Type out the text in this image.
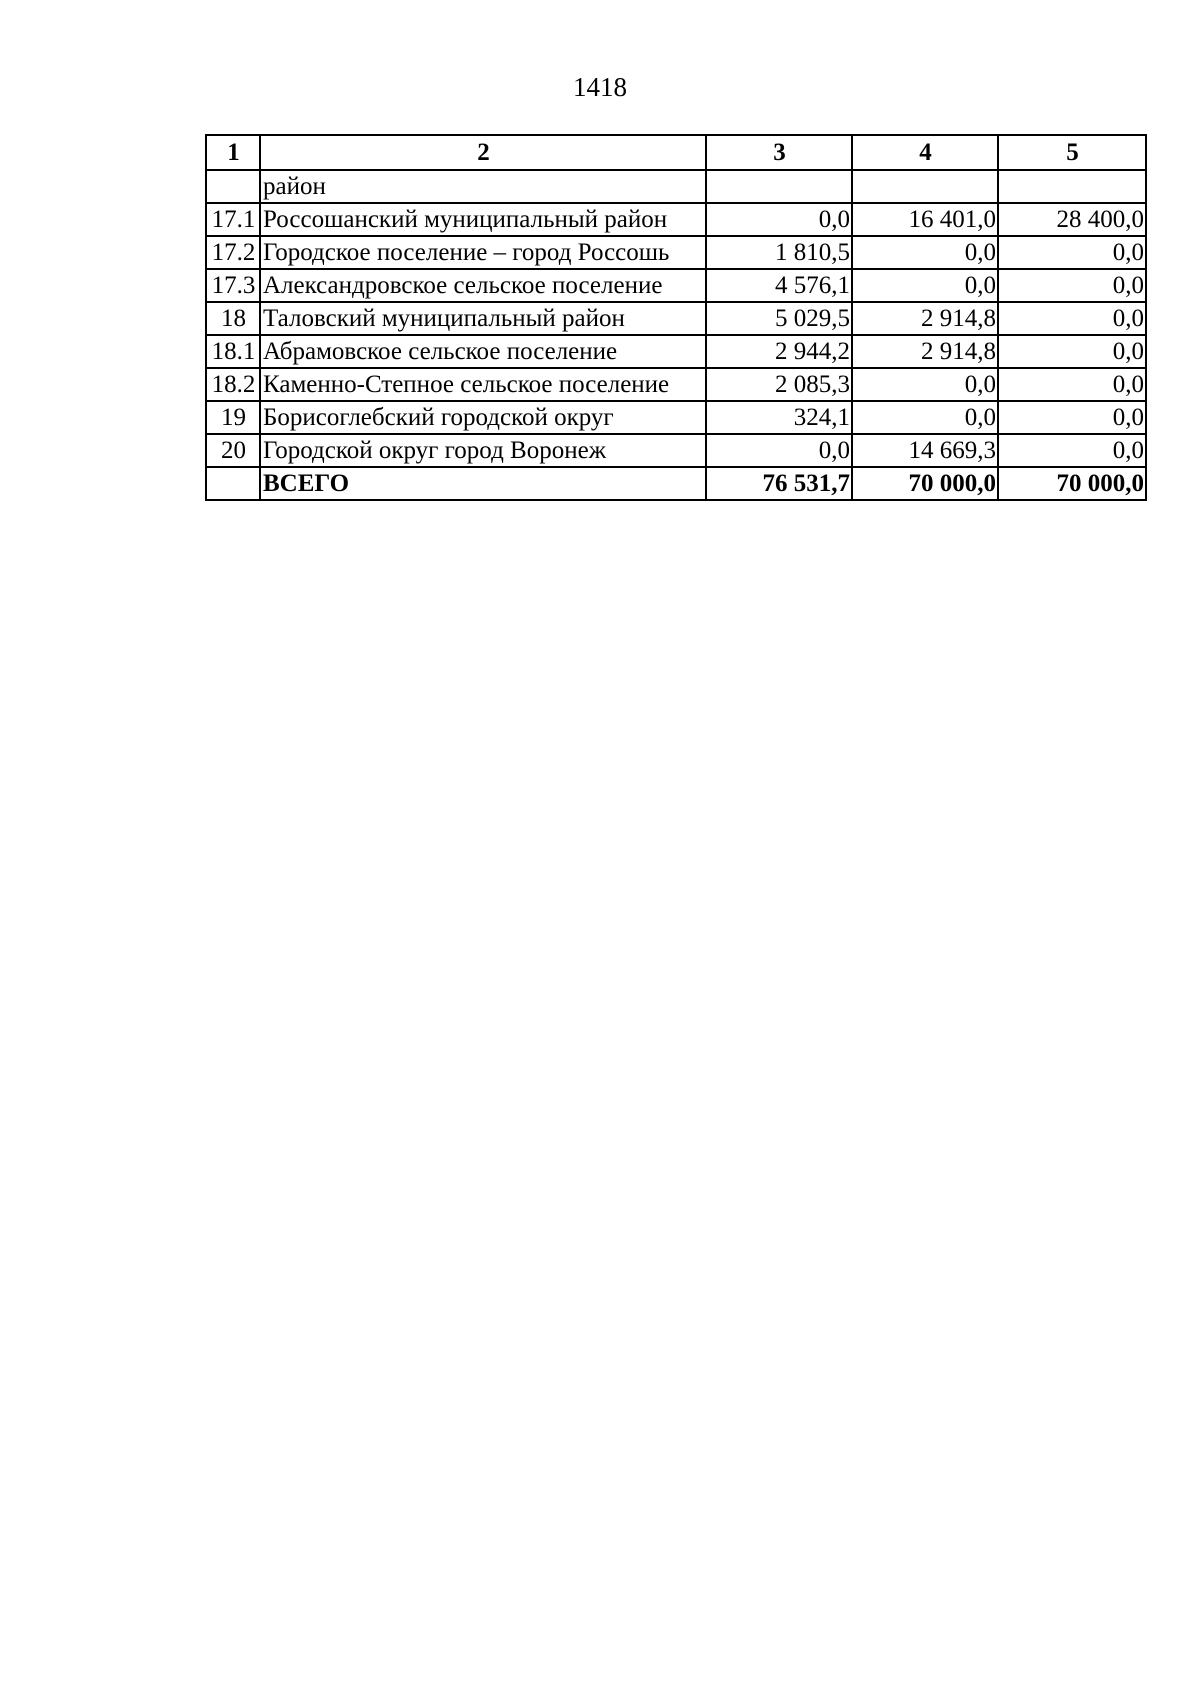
1418
1	2	3	4	5
	район			
17.1	Россошанский муниципальный район	0,0	16 401,0	28 400,0
17.2	Городское поселение – город Россошь	1 810,5	0,0	0,0
17.3	Александровское сельское поселение	4 576,1	0,0	0,0
18	Таловский муниципальный район	5 029,5	2 914,8	0,0
18.1	Абрамовское сельское поселение	2 944,2	2 914,8	0,0
18.2	Каменно-Степное сельское поселение	2 085,3	0,0	0,0
19	Борисоглебский городской округ	324,1	0,0	0,0
20	Городской округ город Воронеж	0,0	14 669,3	0,0
	ВСЕГО	76 531,7	70 000,0	70 000,0
